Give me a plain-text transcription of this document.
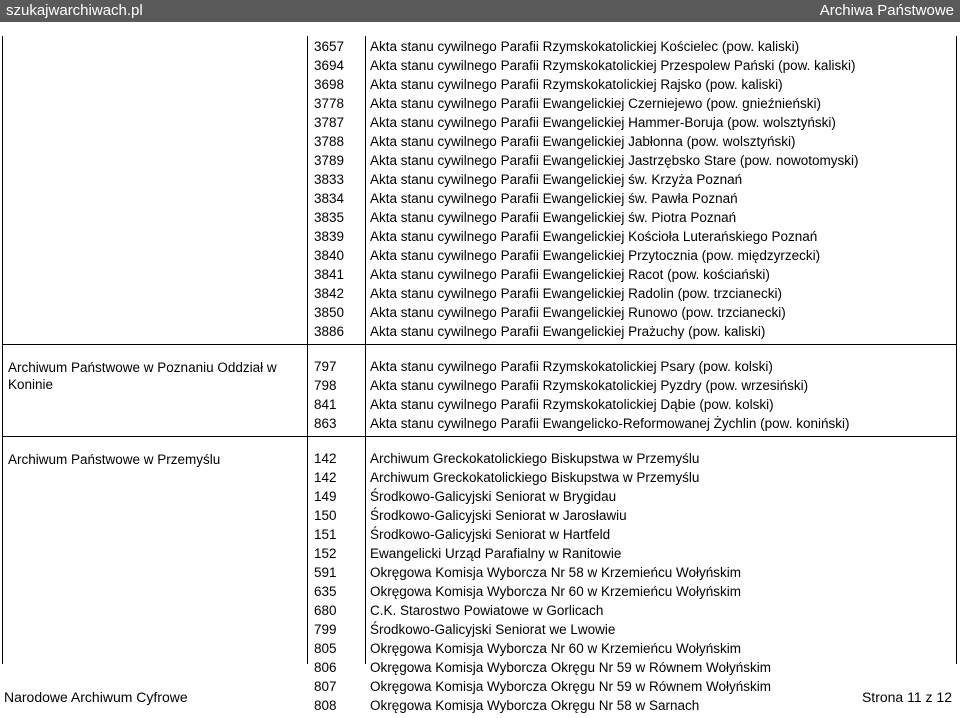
szukajwarchiwach.pl	Archiwa Państwowe
3657	Akta stanu cywilnego Parafii Rzymskokatolickiej Kościelec (pow. kaliski)
3694	Akta stanu cywilnego Parafii Rzymskokatolickiej Przespolew Pański (pow. kaliski)
3698	Akta stanu cywilnego Parafii Rzymskokatolickiej Rajsko (pow. kaliski)
3778	Akta stanu cywilnego Parafii Ewangelickiej Czerniejewo (pow. gnieźnieński)
3787	Akta stanu cywilnego Parafii Ewangelickiej Hammer-Boruja (pow. wolsztyński)
3788	Akta stanu cywilnego Parafii Ewangelickiej Jabłonna (pow. wolsztyński)
3789	Akta stanu cywilnego Parafii Ewangelickiej Jastrzębsko Stare (pow. nowotomyski)
3833	Akta stanu cywilnego Parafii Ewangelickiej św. Krzyża Poznań
3834	Akta stanu cywilnego Parafii Ewangelickiej św. Pawła Poznań
3835	Akta stanu cywilnego Parafii Ewangelickiej św. Piotra Poznań
3839	Akta stanu cywilnego Parafii Ewangelickiej Kościoła Luterańskiego Poznań
3840	Akta stanu cywilnego Parafii Ewangelickiej Przytocznia (pow. międzyrzecki)
3841	Akta stanu cywilnego Parafii Ewangelickiej Racot (pow. kościański)
3842	Akta stanu cywilnego Parafii Ewangelickiej Radolin (pow. trzcianecki)
3850	Akta stanu cywilnego Parafii Ewangelickiej Runowo (pow. trzcianecki)
3886	Akta stanu cywilnego Parafii Ewangelickiej Prażuchy (pow. kaliski)
Archiwum Państwowe w Poznaniu Oddział w Koninie
797	Akta stanu cywilnego Parafii Rzymskokatolickiej Psary (pow. kolski)
798	Akta stanu cywilnego Parafii Rzymskokatolickiej Pyzdry (pow. wrzesiński)
841	Akta stanu cywilnego Parafii Rzymskokatolickiej Dąbie (pow. kolski)
863	Akta stanu cywilnego Parafii Ewangelicko-Reformowanej Żychlin (pow. koniński)
Archiwum Państwowe w Przemyślu	142	Archiwum Greckokatolickiego Biskupstwa w Przemyślu
142	Archiwum Greckokatolickiego Biskupstwa w Przemyślu
149	Środkowo-Galicyjski Seniorat w Brygidau
150	Środkowo-Galicyjski Seniorat w Jarosławiu
151	Środkowo-Galicyjski Seniorat w Hartfeld
152	Ewangelicki Urząd Parafialny w Ranitowie
591	Okręgowa Komisja Wyborcza Nr 58 w Krzemieńcu Wołyńskim
635	Okręgowa Komisja Wyborcza Nr 60 w Krzemieńcu Wołyńskim
680	C.K. Starostwo Powiatowe w Gorlicach
799	Środkowo-Galicyjski Seniorat we Lwowie
805	Okręgowa Komisja Wyborcza Nr 60 w Krzemieńcu Wołyńskim
806	Okręgowa Komisja Wyborcza Okręgu Nr 59 w Równem Wołyńskim
807	Okręgowa Komisja Wyborcza Okręgu Nr 59 w Równem Wołyńskim
808	Okręgowa Komisja Wyborcza Okręgu Nr 58 w Sarnach
Narodowe Archiwum Cyfrowe	Strona 11 z 12
